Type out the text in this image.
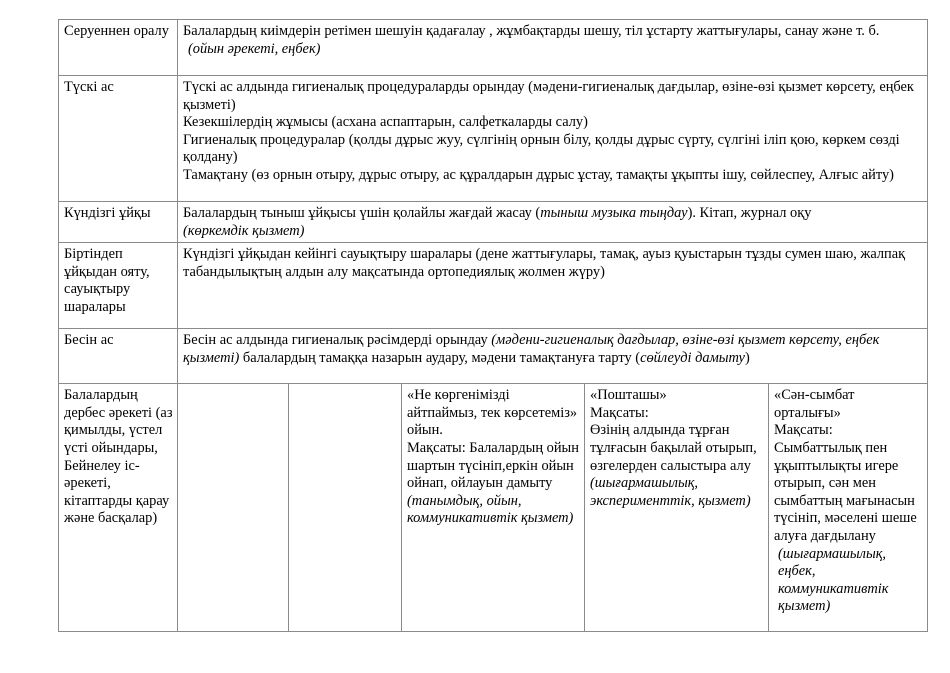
Серуеннен оралу	Балалардың киімдерін ретімен шешуін қадағалау , жұмбақтарды шешу, тіл ұстарту жаттығулары, санау және т. б.
(ойын әрекеті, еңбек)				
Түскі ас	Түскі ас алдында гигиеналық процедураларды орындау (мәдени-гигиеналық дағдылар, өзіне-өзі қызмет көрсету, еңбек қызметі)
Кезекшілердің жұмысы (асхана аспаптарын, салфеткаларды салу)
Гигиеналық процедуралар (қолды дұрыс жуу, сүлгінің орнын білу, қолды дұрыс сүрту, сүлгіні іліп қою, көркем сөзді қолдану)
Тамақтану (өз орнын отыру, дұрыс отыру, ас құралдарын дұрыс ұстау, тамақты ұқыпты ішу, сөйлеспеу, Алғыс айту)				

Күндізгі ұйқы	Балалардың тыныш ұйқысы үшін қолайлы жағдай жасау (тыныш музыка тыңдау). Кітап, журнал оқу
(көркемдік қызмет)				
Біртіндеп ұйқыдан ояту, сауықтыру шаралары	Күндізгі ұйқыдан кейінгі сауықтыру шаралары (дене жаттығулары, тамақ, ауыз қуыстарын тұзды сумен шаю, жалпақ табандылықтың алдын алу мақсатында ортопедиялық жолмен жүру)				
Бесін ас	Бесін ас алдында гигиеналық рәсімдерді орындау (мәдени-гигиеналық дағдылар, өзіне-өзі қызмет көрсету, еңбек қызметі) балалардың тамаққа назарын аудару, мәдени тамақтануға тарту (сөйлеуді дамыту)				
Балалардың дербес әрекеті (аз қимылды, үстел үсті ойындары, Бейнелеу іс-әрекеті, кітаптарды қарау және басқалар)			«Не көргенімізді айтпаймыз, тек көрсетеміз» ойын.
Мақсаты: Балалардың ойын шартын түсініп,еркін ойын ойнап, ойлауын дамыту
(танымдық, ойын, коммуникативтік қызмет)	«Пошташы»
Мақсаты:
Өзінің алдында тұрған тұлғасын бақылай отырып, өзгелерден салыстыра алу
(шығармашылық, эксперименттік, қызмет)	«Сән-сымбат орталығы»
Мақсаты:
Сымбаттылық пен ұқыптылықты игере отырып, сән мен сымбаттың мағынасын түсініп, мәселені шеше алуға дағдылану
(шығармашылық, еңбек, коммуникативтік қызмет)
